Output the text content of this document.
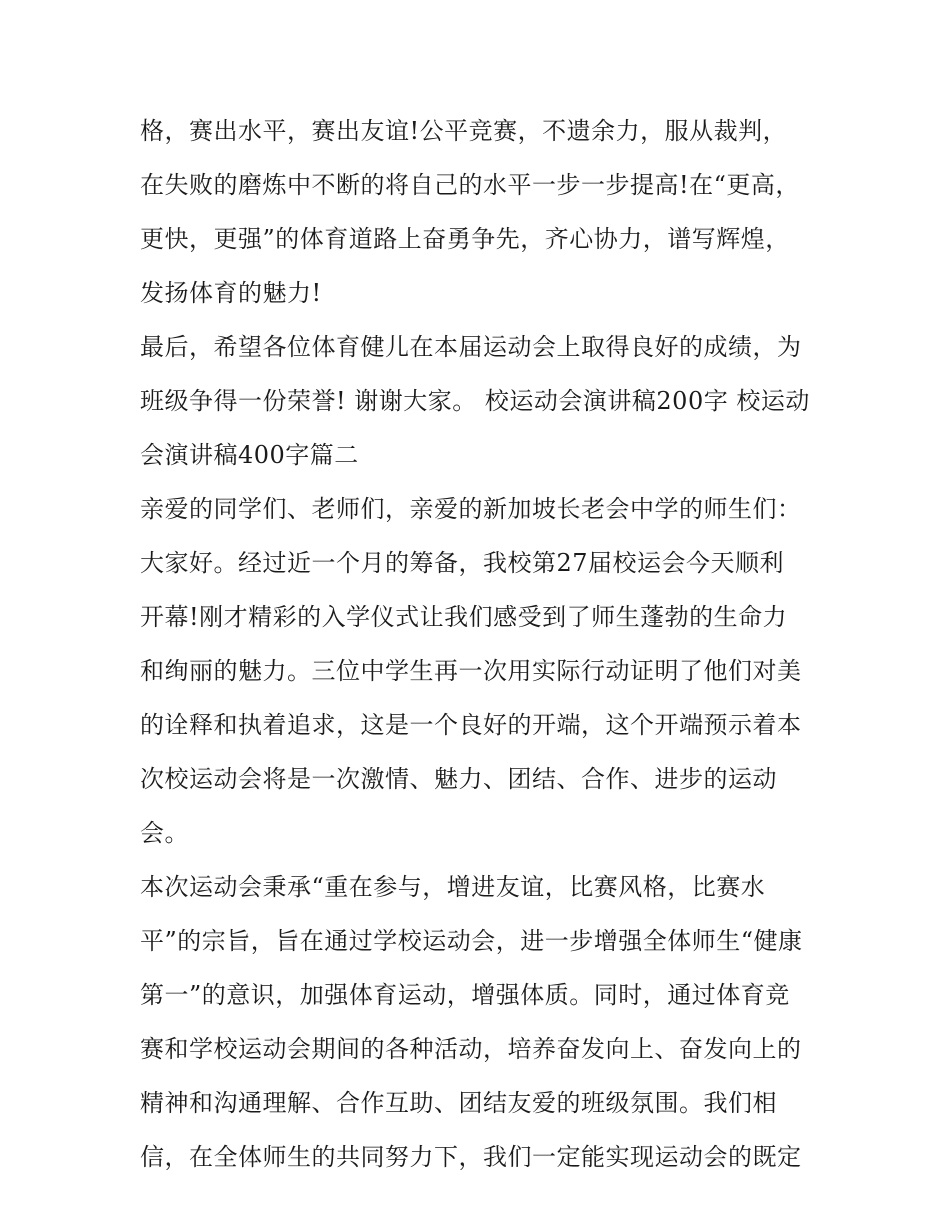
格，赛出水平，赛出友谊!公平竞赛，不遗余力，服从裁判，
在失败的磨炼中不断的将自己的水平一步一步提高!在“更高，
更快，更强”的体育道路上奋勇争先，齐心协力，谱写辉煌，
发扬体育的魅力!
最后，希望各位体育健儿在本届运动会上取得良好的成绩，为
班级争得一份荣誉! 谢谢大家。 校运动会演讲稿200字 校运动
会演讲稿400字篇二
亲爱的同学们、老师们，亲爱的新加坡长老会中学的师生们：
大家好。经过近一个月的筹备，我校第27届校运会今天顺利
开幕!刚才精彩的入学仪式让我们感受到了师生蓬勃的生命力
和绚丽的魅力。三位中学生再一次用实际行动证明了他们对美
的诠释和执着追求，这是一个良好的开端，这个开端预示着本
次校运动会将是一次激情、魅力、团结、合作、进步的运动
会。
本次运动会秉承“重在参与，增进友谊，比赛风格，比赛水
平”的宗旨，旨在通过学校运动会，进一步增强全体师生“健康
第一”的意识，加强体育运动，增强体质。同时，通过体育竞
赛和学校运动会期间的各种活动，培养奋发向上、奋发向上的
精神和沟通理解、合作互助、团结友爱的班级氛围。我们相
信，在全体师生的共同努力下，我们一定能实现运动会的既定
